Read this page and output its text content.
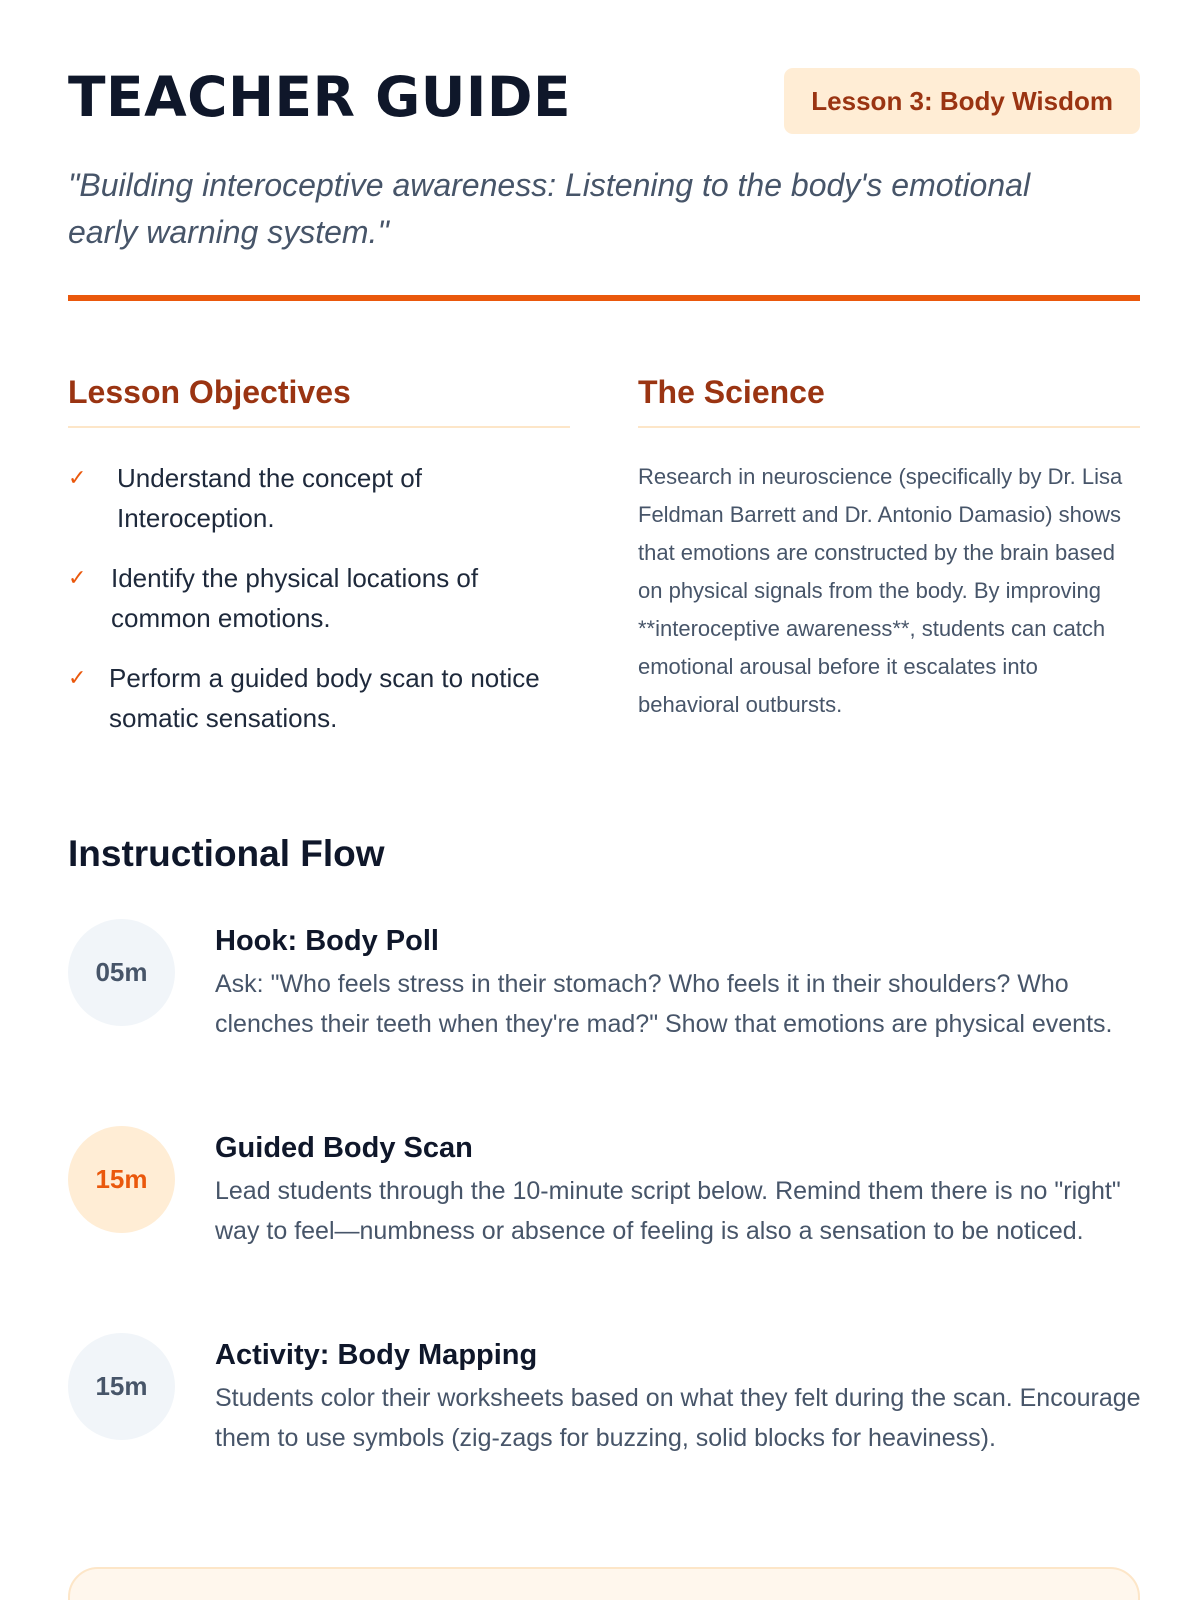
TEACHER GUIDE	Lesson 3: Body Wisdom
"Building interoceptive awareness: Listening to the body's emotional early warning system."
Lesson Objectives
✓ Understand the concept of Interoception.
✓ Identify the physical locations of common emotions.
✓ Perform a guided body scan to notice somatic sensations.
The Science

Research in neuroscience (specifically by Dr. Lisa Feldman Barrett and Dr. Antonio Damasio) shows that emotions are constructed by the brain based on physical signals from the body. By improving **interoceptive awareness**, students can catch emotional arousal before it escalates into behavioral outbursts.

Instructional Flow
05m
Hook: Body Poll

Ask: "Who feels stress in their stomach? Who feels it in their shoulders? Who clenches their teeth when they're mad?" Show that emotions are physical events.

15m
Guided Body Scan

Lead students through the 10-minute script below. Remind them there is no "right" way to feel—numbness or absence of feeling is also a sensation to be noticed.

15m
Activity: Body Mapping

Students color their worksheets based on what they felt during the scan. Encourage them to use symbols (zig-zags for buzzing, solid blocks for heaviness).
